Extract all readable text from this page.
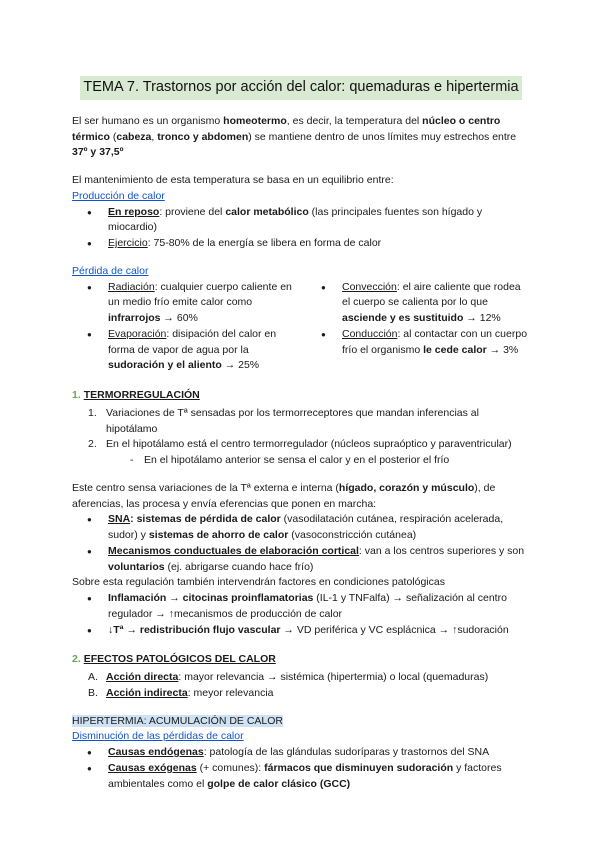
TEMA 7. Trastornos por acción del calor: quemaduras e hipertermia

El ser humano es un organismo homeotermo, es decir, la temperatura del núcleo o centro térmico (cabeza, tronco y abdomen) se mantiene dentro de unos límites muy estrechos entre 37º y 37,5º

El mantenimiento de esta temperatura se basa en un equilibrio entre:

Producción de calor

● En reposo: proviene del calor metabólico (las principales fuentes son hígado y miocardio)
● Ejercicio: 75-80% de la energía se libera en forma de calor

Pérdida de calor

● Radiación: cualquier cuerpo caliente en un medio frío emite calor como infrarrojos → 60%
● Evaporación: disipación del calor en forma de vapor de agua por la sudoración y el aliento → 25%
● Convección: el aire caliente que rodea el cuerpo se calienta por lo que asciende y es sustituido → 12%
● Conducción: al contactar con un cuerpo frío el organismo le cede calor → 3%

1. TERMORREGULACIÓN

1. Variaciones de Tª sensadas por los termorreceptores que mandan inferencias al hipotálamo
2. En el hipotálamo está el centro termorregulador (núcleos supraóptico y paraventricular)
- En el hipotálamo anterior se sensa el calor y en el posterior el frío

Este centro sensa variaciones de la Tª externa e interna (hígado, corazón y músculo), de aferencias, las procesa y envía eferencias que ponen en marcha:

● SNA: sistemas de pérdida de calor (vasodilatación cutánea, respiración acelerada, sudor) y sistemas de ahorro de calor (vasoconstricción cutánea)
● Mecanismos conductuales de elaboración cortical: van a los centros superiores y son voluntarios (ej. abrigarse cuando hace frío)

Sobre esta regulación también intervendrán factores en condiciones patológicas

● Inflamación → citocinas proinflamatorias (IL-1 y TNFalfa) → señalización al centro regulador → ↑mecanismos de producción de calor
● ↓Tª → redistribución flujo vascular → VD periférica y VC esplácnica → ↑sudoración

2. EFECTOS PATOLÓGICOS DEL CALOR

A. Acción directa: mayor relevancia → sistémica (hipertermia) o local (quemaduras)
B. Acción indirecta: meyor relevancia

HIPERTERMIA: ACUMULACIÓN DE CALOR

Disminución de las pérdidas de calor

● Causas endógenas: patología de las glándulas sudoríparas y trastornos del SNA
● Causas exógenas (+ comunes): fármacos que disminuyen sudoración y factores ambientales como el golpe de calor clásico (GCC)
